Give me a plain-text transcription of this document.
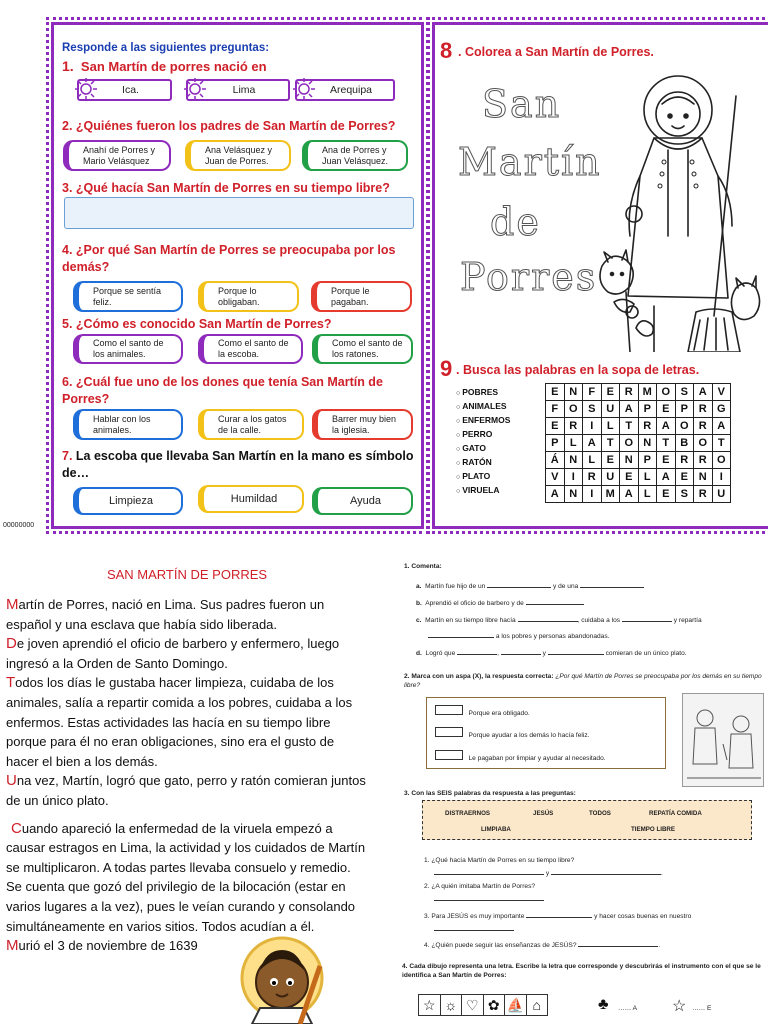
Responde a las siguientes preguntas:
1. San Martín de porres nació en
Ica.	Lima	Arequipa
2. ¿Quiénes fueron los padres de San Martín de Porres?
Anahí de Porres y Mario Velásquez
Ana Velásquez y Juan de Porres.
Ana de Porres y Juan Velásquez.
3. ¿Qué hacía San Martín de Porres en su tiempo libre?
4. ¿Por qué San Martín de Porres se preocupaba por los demás?
Porque se sentía feliz.
Porque lo obligaban.
Porque le pagaban.
5. ¿Cómo es conocido San Martín de Porres?
Como el santo de los animales.
Como el santo de la escoba.
Como el santo de los ratones.
6. ¿Cuál fue uno de los dones que tenía San Martín de Porres?
Hablar con los animales.
Curar a los gatos de la calle.
Barrer muy bien la iglesia.
7. La escoba que llevaba San Martín en la mano es símbolo de…
Limpieza	Humildad	Ayuda
00000000
8 . Colorea a San Martín de Porres.
San
Martín
de
Porres
9 . Busca las palabras en la sopa de letras.
○ POBRES
○ ANIMALES
○ ENFERMOS
○ PERRO
○ GATO
○ RATÓN
○ PLATO
○ VIRUELA
E	N	F	E	R	M	O	S	A	V
F	O	S	U	A	P	E	P	R	G
E	R	I	L	T	R	A	O	R	A
P	L	A	T	O	N	T	B	O	T
Á	N	L	E	N	P	E	R	R	O
V	I	R	U	E	L	A	E	N	I
A	N	I	M	A	L	E	S	R	U
SAN MARTÍN DE PORRES

Martín de Porres, nació en Lima. Sus padres fueron un español y una esclava que había sido liberada.

De joven aprendió el oficio de barbero y enfermero, luego ingresó a la Orden de Santo Domingo.

Todos los días le gustaba hacer limpieza, cuidaba de los animales, salía a repartir comida a los pobres, cuidaba a los enfermos. Estas actividades las hacía en su tiempo libre porque para él no eran obligaciones, sino era el gusto de hacer el bien a los demás.

Una vez, Martín, logró que gato, perro y ratón comieran juntos de un único plato.

Cuando apareció la enfermedad de la viruela empezó a causar estragos en Lima, la actividad y los cuidados de Martín se multiplicaron. A todas partes llevaba consuelo y remedio. Se cuenta que gozó del privilegio de la bilocación (estar en varios lugares a la vez), pues le veían curando y consolando simultáneamente en varios sitios. Todos acudían a él.

Murió el 3 de noviembre de 1639

1. Comenta:
a. Martín fue hijo de un	y de una
b. Aprendió el oficio de barbero y de
c. Martín en su tiempo libre hacía	, cuidaba a los	y repartía
a los pobres y personas abandonadas.
d. Logró que	,	y	comieran de un único plato.
2. Marca con un aspa (X), la respuesta correcta: ¿Por qué Martín de Porres se preocupaba por los demás en su tiempo libre?
Porque era obligado.
Porque ayudar a los demás lo hacía feliz.
Le pagaban por limpiar y ayudar al necesitado.
3. Con las SEIS palabras da respuesta a las preguntas:
DISTRAERNOS	JESÚS	TODOS	REPATÍA COMIDA
LIMPIABA	TIEMPO LIBRE
1. ¿Qué hacía Martín de Porres en su tiempo libre?
y	.
2. ¿A quién imitaba Martín de Porres?
3. Para JESÚS es muy importante	y hacer cosas buenas en nuestro
4. ¿Quién puede seguir las enseñanzas de JESÚS?	.
4. Cada dibujo representa una letra. Escribe la letra que corresponde y descubrirás el instrumento con el que se le identifica a San Martín de Porres:
☆ ☼ ♡ ✿ ⛵ ⌂	♣ …… A ☆ …… E
